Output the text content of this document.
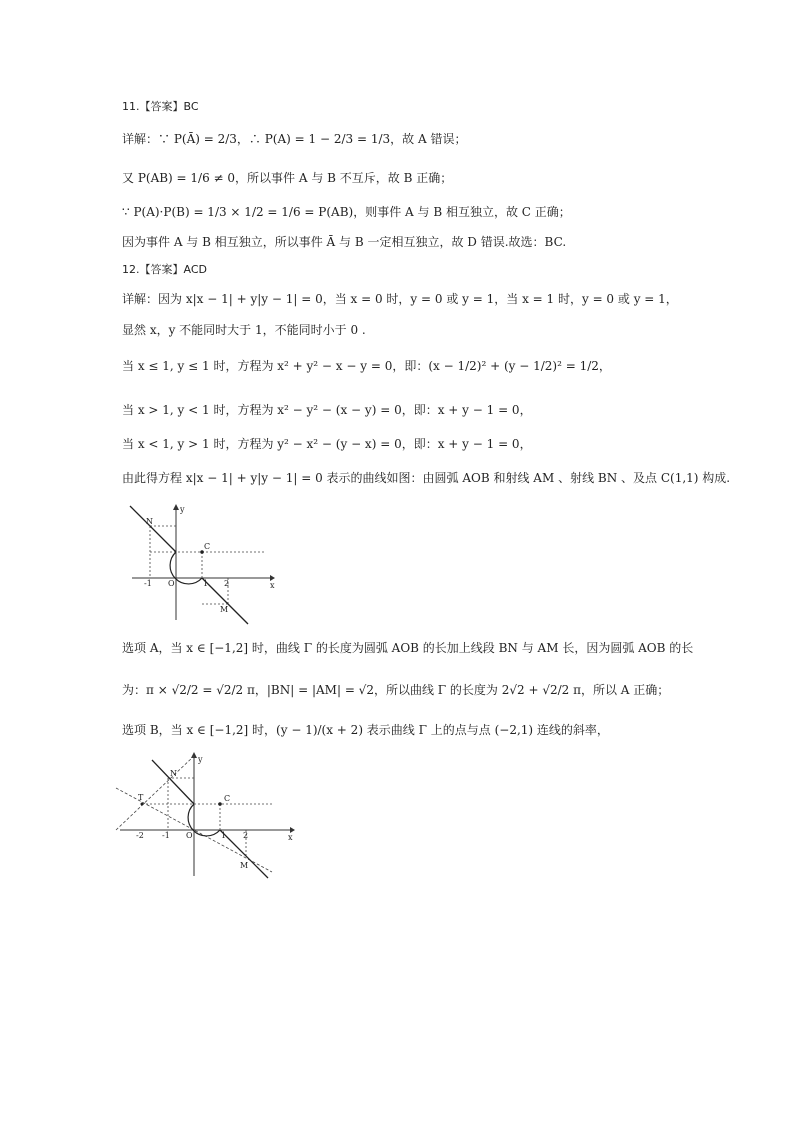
11.【答案】BC
详解：∵ P(Ā) = 2/3，∴ P(A) = 1 − 2/3 = 1/3，故 A 错误；
又 P(AB) = 1/6 ≠ 0，所以事件 A 与 B 不互斥，故 B 正确；
∵ P(A)·P(B) = 1/3 × 1/2 = 1/6 = P(AB)，则事件 A 与 B 相互独立，故 C 正确；
因为事件 A 与 B 相互独立，所以事件 Ā 与 B 一定相互独立，故 D 错误.故选：BC.
12.【答案】ACD
详解：因为 x|x − 1| + y|y − 1| = 0，当 x = 0 时，y = 0 或 y = 1，当 x = 1 时，y = 0 或 y = 1，
显然 x，y 不能同时大于 1，不能同时小于 0 .
当 x ≤ 1, y ≤ 1 时，方程为 x² + y² − x − y = 0，即：(x − 1/2)² + (y − 1/2)² = 1/2，
当 x > 1, y < 1 时，方程为 x² − y² − (x − y) = 0，即：x + y − 1 = 0，
当 x < 1, y > 1 时，方程为 y² − x² − (y − x) = 0，即：x + y − 1 = 0，
由此得方程 x|x − 1| + y|y − 1| = 0 表示的曲线如图：由圆弧 AOB 和射线 AM 、射线 BN 、及点 C(1,1) 构成.
y
x
N
C
O
M
-1	1 2
选项 A，当 x ∈ [−1,2] 时，曲线 Γ 的长度为圆弧 AOB 的长加上线段 BN 与 AM 长，因为圆弧 AOB 的长
为：π × √2/2 = √2/2 π，|BN| = |AM| = √2，所以曲线 Γ 的长度为 2√2 + √2/2 π，所以 A 正确；
选项 B，当 x ∈ [−1,2] 时，(y − 1)/(x + 2) 表示曲线 Γ 上的点与点 (−2,1) 连线的斜率，
y
x
N
T	C
O
M
-2 -1	1 2
